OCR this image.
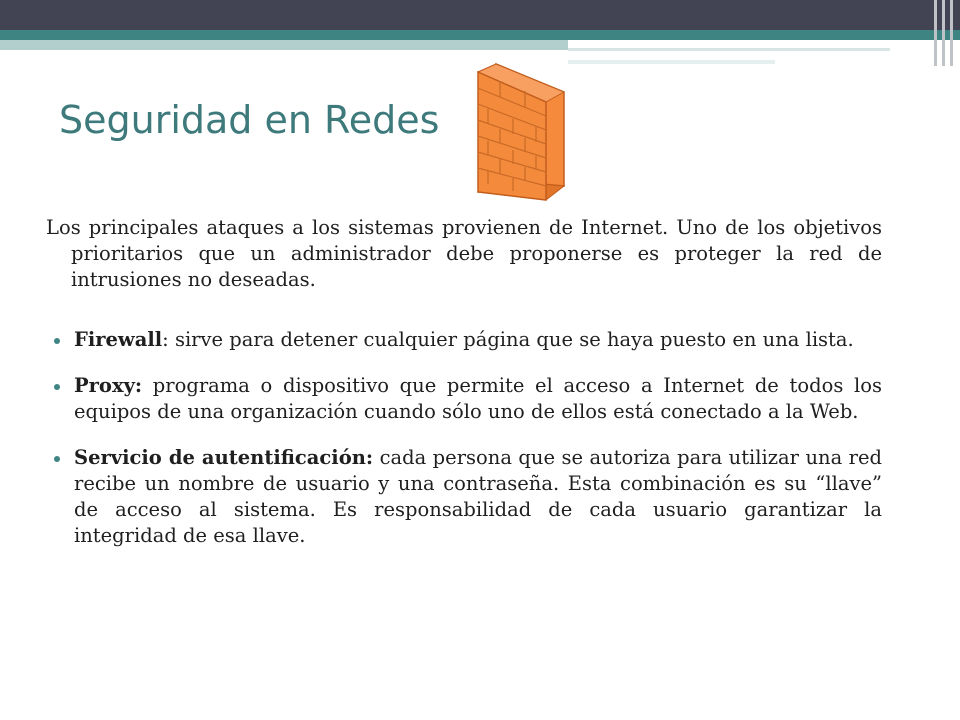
Seguridad en Redes

Los principales ataques a los sistemas provienen de Internet. Uno de los objetivos prioritarios que un administrador debe proponerse es proteger la red de intrusiones no deseadas.

Firewall: sirve para detener cualquier página que se haya puesto en una lista.
Proxy: programa o dispositivo que permite el acceso a Internet de todos los equipos de una organización cuando sólo uno de ellos está conectado a la Web.
Servicio de autentificación: cada persona que se autoriza para utilizar una red recibe un nombre de usuario y una contraseña. Esta combinación es su “llave” de acceso al sistema. Es responsabilidad de cada usuario garantizar la integridad de esa llave.
